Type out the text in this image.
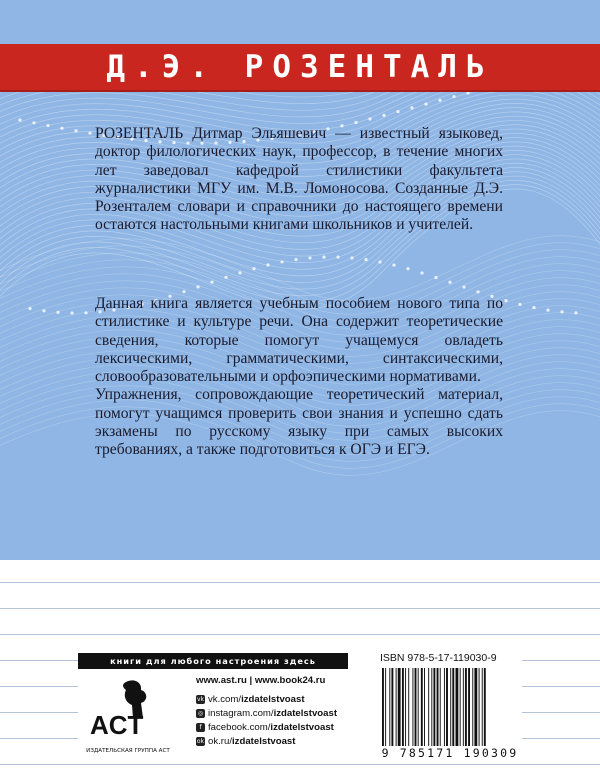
Д.Э. РОЗЕНТАЛЬ
РОЗЕНТАЛЬ Дитмар Эльяшевич — известный языковед, доктор филологических наук, профессор, в течение многих лет заведовал кафедрой стилистики факультета журналистики МГУ им. М.В. Ломоносова. Созданные Д.Э. Розенталем словари и справочники до настоящего времени остаются настольными книгами школьников и учителей.

Данная книга является учебным пособием нового типа по стилистике и культуре речи. Она содержит теоретические сведения, которые помогут учащемуся овладеть лексическими, грамматическими, синтаксическими, словообразовательными и орфоэпическими нормативами.

Упражнения, сопровождающие теоретический материал, помогут учащимся проверить свои знания и успешно сдать экзамены по русскому языку при самых высоких требованиях, а также подготовиться к ОГЭ и ЕГЭ.

книги для любого настроения здесь
ACT
ИЗДАТЕЛЬСКАЯ ГРУППА АСТ
www.ast.ru | www.book24.ru
vk vk.com/ izdatelstvoast
◎ instagram.com/ izdatelstvoast
f facebook.com/ izdatelstvoast
ok ok.ru/ izdatelstvoast
ISBN 978-5-17-119030-9
9 785171 190309
